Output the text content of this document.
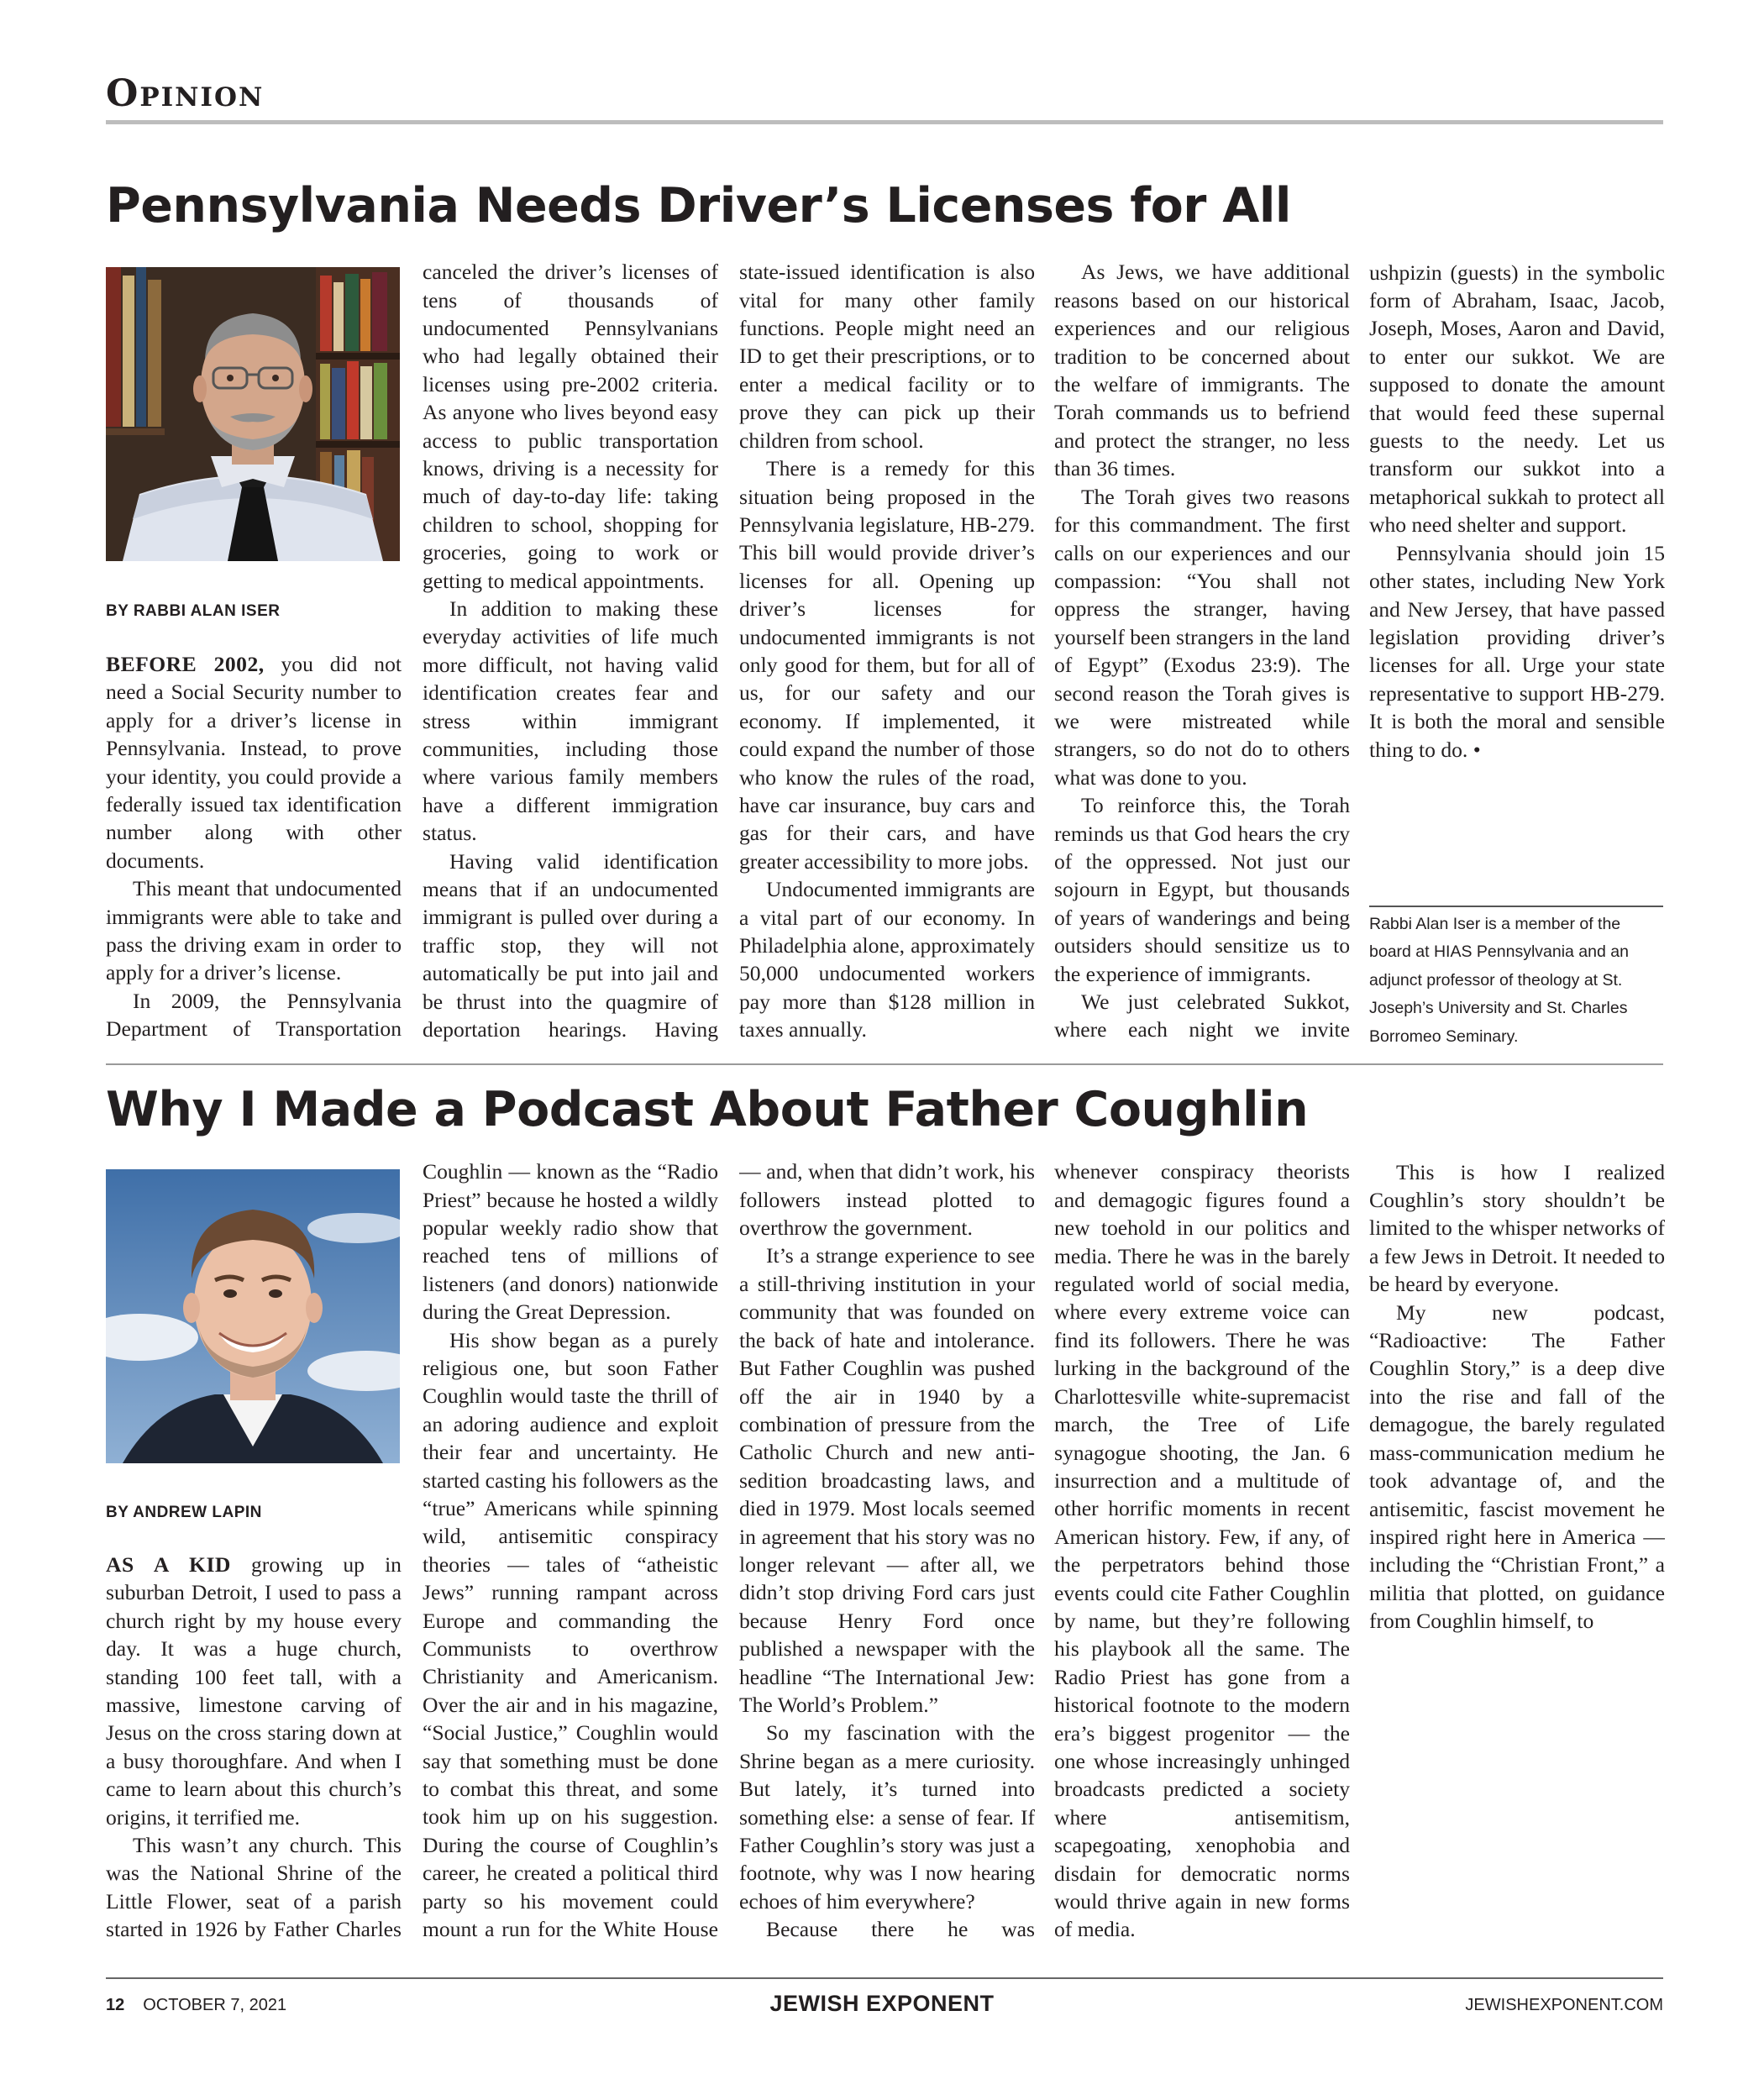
Opinion
Pennsylvania Needs Driver’s Licenses for All
BY RABBI ALAN ISER

BEFORE 2002, you did not need a Social Security number to apply for a driver’s license in Pennsylvania. Instead, to prove your identity, you could provide a federally issued tax identification number along with other documents.

This meant that undocumented immigrants were able to take and pass the driving exam in order to apply for a driver’s license.

In 2009, the Pennsylvania Department of Transportation

canceled the driver’s licenses of tens of thousands of undocumented Pennsylvanians who had legally obtained their licenses using pre-2002 criteria. As anyone who lives beyond easy access to public transportation knows, driving is a necessity for much of day-to-day life: taking children to school, shopping for groceries, going to work or getting to medical appointments.

In addition to making these everyday activities of life much more difficult, not having valid identification creates fear and stress within immigrant communities, including those where various family members have a different immigration status.

Having valid identification means that if an undocumented immigrant is pulled over during a traffic stop, they will not automatically be put into jail and be thrust into the quagmire of deportation hearings. Having

state-issued identification is also vital for many other family functions. People might need an ID to get their prescriptions, or to enter a medical facility or to prove they can pick up their children from school.

There is a remedy for this situation being proposed in the Pennsylvania legislature, HB-279. This bill would provide driver’s licenses for all. Opening up driver’s licenses for undocumented immigrants is not only good for them, but for all of us, for our safety and our economy. If implemented, it could expand the number of those who know the rules of the road, have car insurance, buy cars and gas for their cars, and have greater accessibility to more jobs.

Undocumented immigrants are a vital part of our economy. In Philadelphia alone, approximately 50,000 undocumented workers pay more than $128 million in taxes annually.

As Jews, we have additional reasons based on our historical experiences and our religious tradition to be concerned about the welfare of immigrants. The Torah commands us to befriend and protect the stranger, no less than 36 times.

The Torah gives two reasons for this commandment. The first calls on our experiences and our compassion: “You shall not oppress the stranger, having yourself been strangers in the land of Egypt” (Exodus 23:9). The second reason the Torah gives is we were mistreated while strangers, so do not do to others what was done to you.

To reinforce this, the Torah reminds us that God hears the cry of the oppressed. Not just our sojourn in Egypt, but thousands of years of wanderings and being outsiders should sensitize us to the experience of immigrants.

We just celebrated Sukkot, where each night we invite

ushpizin (guests) in the symbolic form of Abraham, Isaac, Jacob, Joseph, Moses, Aaron and David, to enter our sukkot. We are supposed to donate the amount that would feed these supernal guests to the needy. Let us transform our sukkot into a metaphorical sukkah to protect all who need shelter and support.

Pennsylvania should join 15 other states, including New York and New Jersey, that have passed legislation providing driver’s licenses for all. Urge your state representative to support HB-279. It is both the moral and sensible thing to do. •

Rabbi Alan Iser is a member of the board at HIAS Pennsylvania and an adjunct professor of theology at St. Joseph’s University and St. Charles Borromeo Seminary.
Why I Made a Podcast About Father Coughlin
BY ANDREW LAPIN

AS A KID growing up in suburban Detroit, I used to pass a church right by my house every day. It was a huge church, standing 100 feet tall, with a massive, limestone carving of Jesus on the cross staring down at a busy thoroughfare. And when I came to learn about this church’s origins, it terrified me.

This wasn’t any church. This was the National Shrine of the Little Flower, seat of a parish started in 1926 by Father Charles

Coughlin — known as the “Radio Priest” because he hosted a wildly popular weekly radio show that reached tens of millions of listeners (and donors) nationwide during the Great Depression.

His show began as a purely religious one, but soon Father Coughlin would taste the thrill of an adoring audience and exploit their fear and uncertainty. He started casting his followers as the “true” Americans while spinning wild, antisemitic conspiracy theories — tales of “atheistic Jews” running rampant across Europe and commanding the Communists to overthrow Christianity and Americanism. Over the air and in his magazine, “Social Justice,” Coughlin would say that something must be done to combat this threat, and some took him up on his suggestion. During the course of Coughlin’s career, he created a political third party so his movement could mount a run for the White House

— and, when that didn’t work, his followers instead plotted to overthrow the government.

It’s a strange experience to see a still-thriving institution in your community that was founded on the back of hate and intolerance. But Father Coughlin was pushed off the air in 1940 by a combination of pressure from the Catholic Church and new anti-sedition broadcasting laws, and died in 1979. Most locals seemed in agreement that his story was no longer relevant — after all, we didn’t stop driving Ford cars just because Henry Ford once published a newspaper with the headline “The International Jew: The World’s Problem.”

So my fascination with the Shrine began as a mere curiosity. But lately, it’s turned into something else: a sense of fear. If Father Coughlin’s story was just a footnote, why was I now hearing echoes of him everywhere?

Because there he was

whenever conspiracy theorists and demagogic figures found a new toehold in our politics and media. There he was in the barely regulated world of social media, where every extreme voice can find its followers. There he was lurking in the background of the Charlottesville white-supremacist march, the Tree of Life synagogue shooting, the Jan. 6 insurrection and a multitude of other horrific moments in recent American history. Few, if any, of the perpetrators behind those events could cite Father Coughlin by name, but they’re following his playbook all the same. The Radio Priest has gone from a historical footnote to the modern era’s biggest progenitor — the one whose increasingly unhinged broadcasts predicted a society where antisemitism, scapegoating, xenophobia and disdain for democratic norms would thrive again in new forms of media.

This is how I realized Coughlin’s story shouldn’t be limited to the whisper networks of a few Jews in Detroit. It needed to be heard by everyone.

My new podcast, “Radioactive: The Father Coughlin Story,” is a deep dive into the rise and fall of the demagogue, the barely regulated mass-communication medium he took advantage of, and the antisemitic, fascist movement he inspired right here in America — including the “Christian Front,” a militia that plotted, on guidance from Coughlin himself, to

12 OCTOBER 7, 2021	JEWISH EXPONENT	JEWISHEXPONENT.COM
